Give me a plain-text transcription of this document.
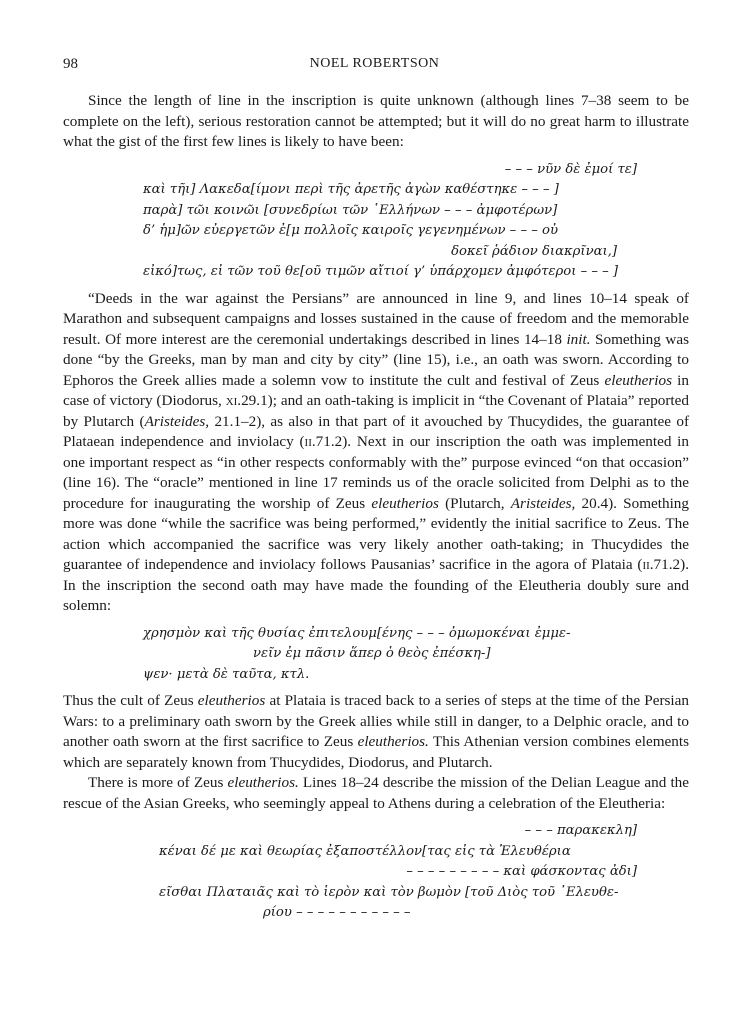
98	NOEL ROBERTSON

Since the length of line in the inscription is quite unknown (although lines 7–38 seem to be complete on the left), serious restoration cannot be attempted; but it will do no great harm to illustrate what the gist of the first few lines is likely to have been:

– – – νῦν δὲ ἐμοί τε]
καὶ τῆι] Λακεδα[ίμονι περὶ τῆς ἀρετῆς ἀγὼν καθέστηκε – – – ]
παρὰ] τῶι κοινῶι [συνεδρίωι τῶν ῾Ελλήνων – – – ἀμφοτέρων]
δ’ ἡμ]ῶν εὐεργετῶν ἐ[μ πολλοῖς καιροῖς γεγενημένων – – – οὐ
δοκεῖ ῥάδιον διακρῖναι,]
εἰκό]τως, εἰ τῶν τοῦ θε[οῦ τιμῶν αἴτιοί γ’ ὑπάρχομεν ἀμφότεροι – – – ]

“Deeds in the war against the Persians” are announced in line 9, and lines 10–14 speak of Marathon and subsequent campaigns and losses sustained in the cause of freedom and the memorable result. Of more interest are the ceremonial undertakings described in lines 14–18 init. Something was done “by the Greeks, man by man and city by city” (line 15), i.e., an oath was sworn. According to Ephoros the Greek allies made a solemn vow to institute the cult and festival of Zeus eleutherios in case of victory (Diodorus, xi.29.1); and an oath-taking is implicit in “the Covenant of Plataia” reported by Plutarch (Aristeides, 21.1–2), as also in that part of it avouched by Thucydides, the guarantee of Plataean independence and inviolacy (ii.71.2). Next in our inscription the oath was implemented in one important respect as “in other respects conformably with the” purpose evinced “on that occasion” (line 16). The “oracle” mentioned in line 17 reminds us of the oracle solicited from Delphi as to the procedure for inaugurating the worship of Zeus eleutherios (Plutarch, Aristeides, 20.4). Something more was done “while the sacrifice was being performed,” evidently the initial sacrifice to Zeus. The action which accompanied the sacrifice was very likely another oath-taking; in Thucydides the guarantee of independence and inviolacy follows Pausanias’ sacrifice in the agora of Plataia (ii.71.2). In the inscription the second oath may have made the founding of the Eleutheria doubly sure and solemn:

χρησμὸν καὶ τῆς θυσίας ἐπιτελουμ[ένης – – – ὀμωμοκέναι ἐμμε-
νεῖν ἐμ πᾶσιν ἅπερ ὁ θεὸς ἐπέσκη-]
ψεν· μετὰ δὲ ταῦτα, κτλ.

Thus the cult of Zeus eleutherios at Plataia is traced back to a series of steps at the time of the Persian Wars: to a preliminary oath sworn by the Greek allies while still in danger, to a Delphic oracle, and to another oath sworn at the first sacrifice to Zeus eleutherios. This Athenian version combines elements which are separately known from Thucydides, Diodorus, and Plutarch.

There is more of Zeus eleutherios. Lines 18–24 describe the mission of the Delian League and the rescue of the Asian Greeks, who seemingly appeal to Athens during a celebration of the Eleutheria:

– – – παρακεκλη]
κέναι δέ με καὶ θεωρίας ἐξαποστέλλον[τας εἰς τὰ Ἐλευθέρια
– – – – – – – – – καὶ φάσκοντας ἀδι]
εῖσθαι Πλαταιᾶς καὶ τὸ ἱερὸν καὶ τὸν βωμὸν [τοῦ Διὸς τοῦ ᾿Ελευθε-
ρίου – – – – – – – – – – –
